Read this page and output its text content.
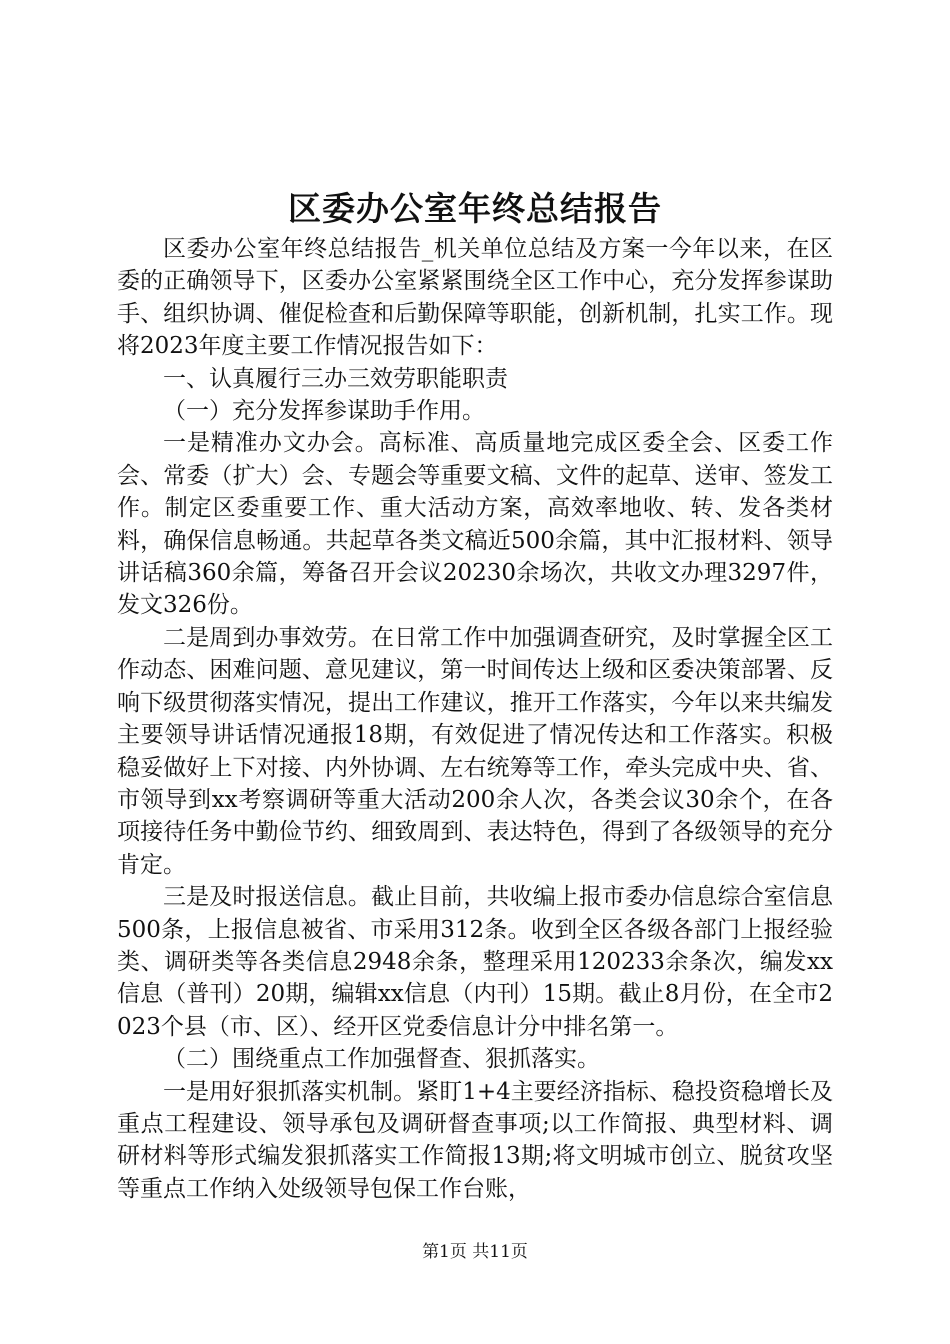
区委办公室年终总结报告

区委办公室年终总结报告_机关单位总结及方案一今年以来，在区委的正确领导下，区委办公室紧紧围绕全区工作中心，充分发挥参谋助手、组织协调、催促检查和后勤保障等职能，创新机制，扎实工作。现将2023年度主要工作情况报告如下：

一、认真履行三办三效劳职能职责

（一）充分发挥参谋助手作用。

一是精准办文办会。高标准、高质量地完成区委全会、区委工作会、常委（扩大）会、专题会等重要文稿、文件的起草、送审、签发工作。制定区委重要工作、重大活动方案，高效率地收、转、发各类材料，确保信息畅通。共起草各类文稿近500余篇，其中汇报材料、领导讲话稿360余篇，筹备召开会议20230余场次，共收文办理3297件，发文326份。

二是周到办事效劳。在日常工作中加强调查研究，及时掌握全区工作动态、困难问题、意见建议，第一时间传达上级和区委决策部署、反响下级贯彻落实情况，提出工作建议，推开工作落实，今年以来共编发主要领导讲话情况通报18期，有效促进了情况传达和工作落实。积极稳妥做好上下对接、内外协调、左右统筹等工作，牵头完成中央、省、市领导到xx考察调研等重大活动200余人次，各类会议30余个，在各项接待任务中勤俭节约、细致周到、表达特色，得到了各级领导的充分肯定。

三是及时报送信息。截止目前，共收编上报市委办信息综合室信息500条，上报信息被省、市采用312条。收到全区各级各部门上报经验类、调研类等各类信息2948余条，整理采用120233余条次，编发xx信息（普刊）20期，编辑xx信息（内刊）15期。截止8月份，在全市2023个县（市、区）、经开区党委信息计分中排名第一。

（二）围绕重点工作加强督查、狠抓落实。

一是用好狠抓落实机制。紧盯1+4主要经济指标、稳投资稳增长及重点工程建设、领导承包及调研督查事项;以工作简报、典型材料、调研材料等形式编发狠抓落实工作简报13期;将文明城市创立、脱贫攻坚等重点工作纳入处级领导包保工作台账，

第1页 共11页
